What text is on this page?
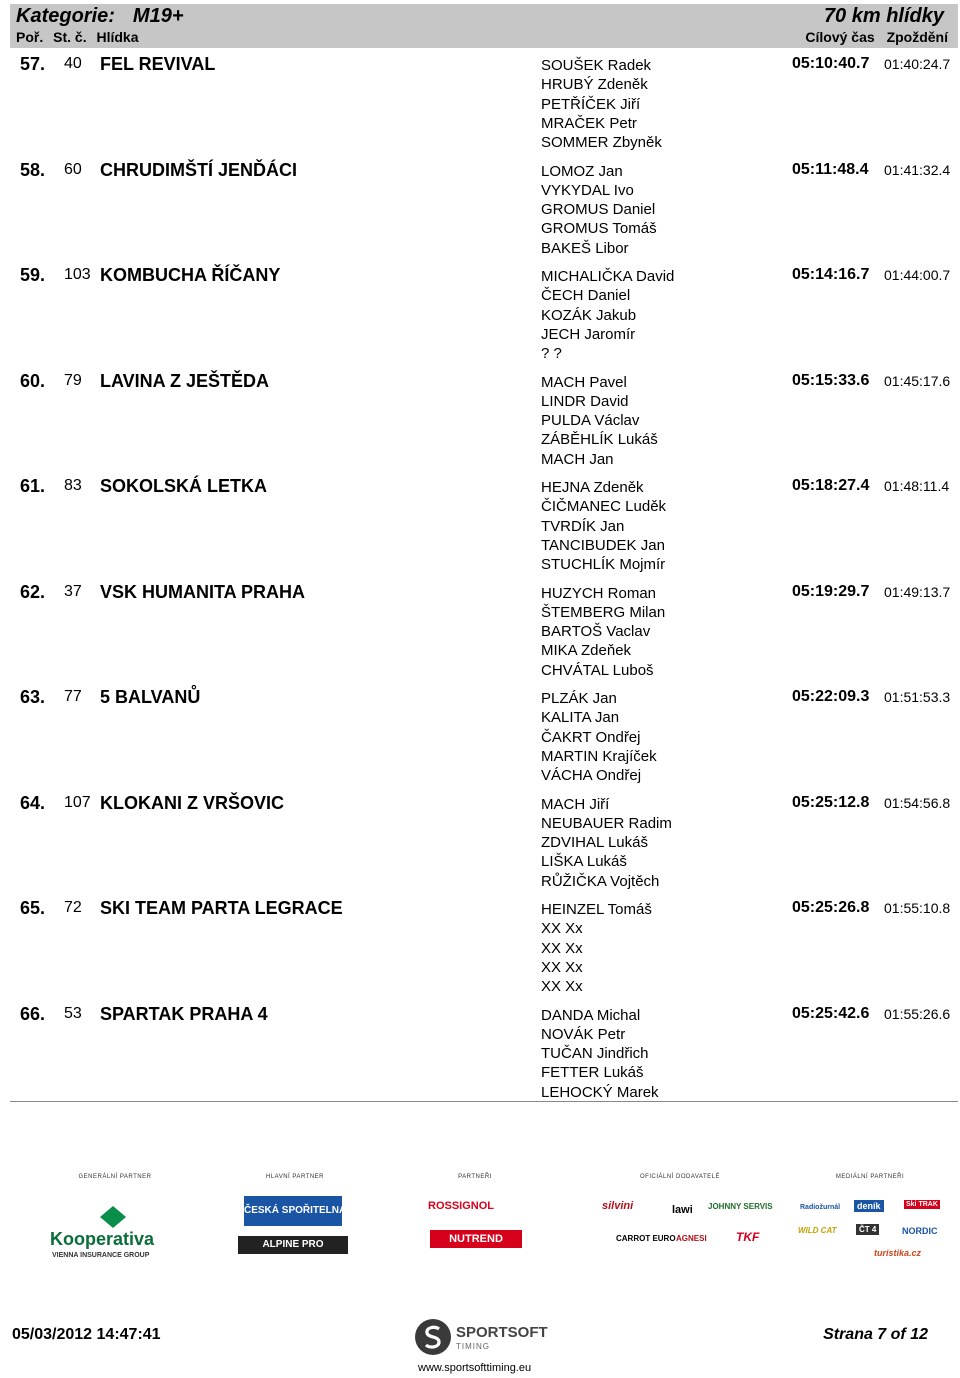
Kategorie: M19+	70 km hlídky
Poř. St. č. Hlídka	Cílový čas Zpoždění
57. 40 FEL REVIVAL	SOUŠEK Radek
HRUBÝ Zdeněk
PETŘÍČEK Jiří
MRAČEK Petr
SOMMER Zbyněk
05:10:40.7 01:40:24.7
58. 60 CHRUDIMŠTÍ JENĎÁCI	LOMOZ Jan
VYKYDAL Ivo
GROMUS Daniel
GROMUS Tomáš
BAKEŠ Libor
05:11:48.4 01:41:32.4
59. 103 KOMBUCHA ŘÍČANY	MICHALIČKA David
ČECH Daniel
KOZÁK Jakub
JECH Jaromír
? ?
05:14:16.7 01:44:00.7
60. 79 LAVINA Z JEŠTĚDA	MACH Pavel
LINDR David
PULDA Václav
ZÁBĚHLÍK Lukáš
MACH Jan
05:15:33.6 01:45:17.6
61. 83 SOKOLSKÁ LETKA	HEJNA Zdeněk
ČIČMANEC Luděk
TVRDÍK Jan
TANCIBUDEK Jan
STUCHLÍK Mojmír
05:18:27.4 01:48:11.4
62. 37 VSK HUMANITA PRAHA	HUZYCH Roman
ŠTEMBERG Milan
BARTOŠ Vaclav
MIKA Zdeňek
CHVÁTAL Luboš
05:19:29.7 01:49:13.7
63. 77 5 BALVANŮ	PLZÁK Jan
KALITA Jan
ČAKRT Ondřej
MARTIN Krajíček
VÁCHA Ondřej
05:22:09.3 01:51:53.3
64. 107 KLOKANI Z VRŠOVIC	MACH Jiří
NEUBAUER Radim
ZDVIHAL Lukáš
LIŠKA Lukáš
RŮŽIČKA Vojtěch
05:25:12.8 01:54:56.8
65. 72 SKI TEAM PARTA LEGRACE	HEINZEL Tomáš
XX Xx
XX Xx
XX Xx
XX Xx
05:25:26.8 01:55:10.8
66. 53 SPARTAK PRAHA 4	DANDA Michal
NOVÁK Petr
TUČAN Jindřich
FETTER Lukáš
LEHOCKÝ Marek
05:25:42.6 01:55:26.6
GENERÁLNÍ PARTNER
Kooperativa
VIENNA INSURANCE GROUP
HLAVNÍ PARTNER
ČESKÁ SPOŘITELNA
ALPINE PRO
PARTNEŘI
ROSSIGNOL
NUTREND
OFICIÁLNÍ DODAVATELÉ
silvini	lawi JOHNNY SERVIS
CARROT EURO AGNESI TKF
MEDIÁLNÍ PARTNEŘI
Radiožurnál	deník	Ski TRAK
WILD CAT	ČT 4	NORDIC
turistika.cz
05/03/2012 14:47:41	SPORTSOFT
TIMING
www.sportsofttiming.eu
Strana 7 of 12
